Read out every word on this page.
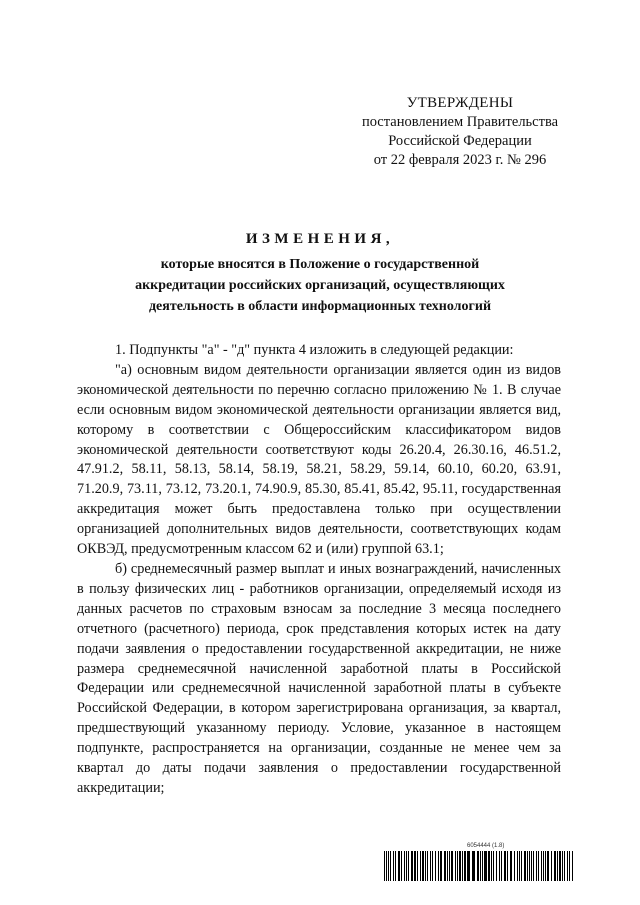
УТВЕРЖДЕНЫ
постановлением Правительства
Российской Федерации
от 22 февраля 2023 г. № 296
ИЗМЕНЕНИЯ,
которые вносятся в Положение о государственной
аккредитации российских организаций, осуществляющих
деятельность в области информационных технологий

1. Подпункты "а" - "д" пункта 4 изложить в следующей редакции:

"а) основным видом деятельности организации является один из видов экономической деятельности по перечню согласно приложению № 1. В случае если основным видом экономической деятельности организации является вид, которому в соответствии с Общероссийским классификатором видов экономической деятельности соответствуют коды 26.20.4, 26.30.16, 46.51.2, 47.91.2, 58.11, 58.13, 58.14, 58.19, 58.21, 58.29, 59.14, 60.10, 60.20, 63.91, 71.20.9, 73.11, 73.12, 73.20.1, 74.90.9, 85.30, 85.41, 85.42, 95.11, государственная аккредитация может быть предоставлена только при осуществлении организацией дополнительных видов деятельности, соответствующих кодам ОКВЭД, предусмотренным классом 62 и (или) группой 63.1;

б) среднемесячный размер выплат и иных вознаграждений, начисленных в пользу физических лиц - работников организации, определяемый исходя из данных расчетов по страховым взносам за последние 3 месяца последнего отчетного (расчетного) периода, срок представления которых истек на дату подачи заявления о предоставлении государственной аккредитации, не ниже размера среднемесячной начисленной заработной платы в Российской Федерации или среднемесячной начисленной заработной платы в субъекте Российской Федерации, в котором зарегистрирована организация, за квартал, предшествующий указанному периоду. Условие, указанное в настоящем подпункте, распространяется на организации, созданные не менее чем за квартал до даты подачи заявления о предоставлении государственной аккредитации;

6054444 (1.8)
